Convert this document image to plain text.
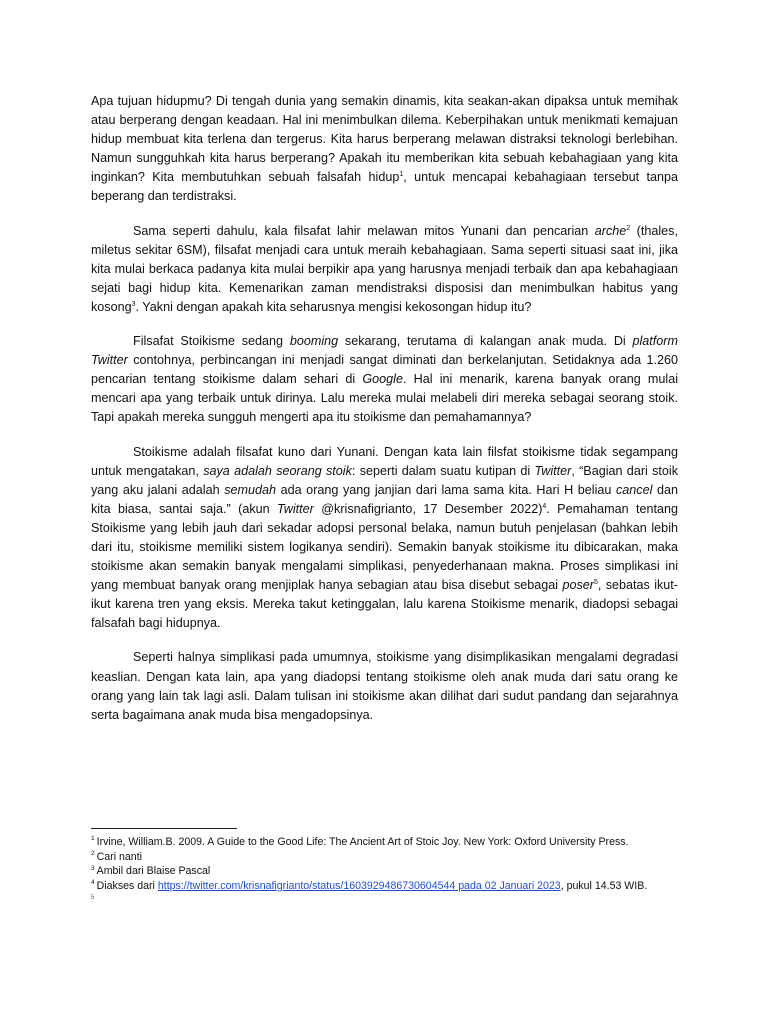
Apa tujuan hidupmu? Di tengah dunia yang semakin dinamis, kita seakan-akan dipaksa untuk memihak atau berperang dengan keadaan. Hal ini menimbulkan dilema. Keberpihakan untuk menikmati kemajuan hidup membuat kita terlena dan tergerus. Kita harus berperang melawan distraksi teknologi berlebihan. Namun sungguhkah kita harus berperang? Apakah itu memberikan kita sebuah kebahagiaan yang kita inginkan? Kita membutuhkan sebuah falsafah hidup$^1$, untuk mencapai kebahagiaan tersebut tanpa beperang dan terdistraksi.

Sama seperti dahulu, kala filsafat lahir melawan mitos Yunani dan pencarian arche$^2$ (thales, miletus sekitar 6SM), filsafat menjadi cara untuk meraih kebahagiaan. Sama seperti situasi saat ini, jika kita mulai berkaca padanya kita mulai berpikir apa yang harusnya menjadi terbaik dan apa kebahagiaan sejati bagi hidup kita. Kemenarikan zaman mendistraksi disposisi dan menimbulkan habitus yang kosong$^3$. Yakni dengan apakah kita seharusnya mengisi kekosongan hidup itu?

Filsafat Stoikisme sedang booming sekarang, terutama di kalangan anak muda. Di platform Twitter contohnya, perbincangan ini menjadi sangat diminati dan berkelanjutan. Setidaknya ada 1.260 pencarian tentang stoikisme dalam sehari di Google. Hal ini menarik, karena banyak orang mulai mencari apa yang terbaik untuk dirinya. Lalu mereka mulai melabeli diri mereka sebagai seorang stoik. Tapi apakah mereka sungguh mengerti apa itu stoikisme dan pemahamannya?

Stoikisme adalah filsafat kuno dari Yunani. Dengan kata lain filsfat stoikisme tidak segampang untuk mengatakan, saya adalah seorang stoik: seperti dalam suatu kutipan di Twitter, “Bagian dari stoik yang aku jalani adalah semudah ada orang yang janjian dari lama sama kita. Hari H beliau cancel dan kita biasa, santai saja.” (akun Twitter @krisnafigrianto, 17 Desember 2022)$^4$. Pemahaman tentang Stoikisme yang lebih jauh dari sekadar adopsi personal belaka, namun butuh penjelasan (bahkan lebih dari itu, stoikisme memiliki sistem logikanya sendiri). Semakin banyak stoikisme itu dibicarakan, maka stoikisme akan semakin banyak mengalami simplikasi, penyederhanaan makna. Proses simplikasi ini yang membuat banyak orang menjiplak hanya sebagian atau bisa disebut sebagai poser$^5$, sebatas ikut-ikut karena tren yang eksis. Mereka takut ketinggalan, lalu karena Stoikisme menarik, diadopsi sebagai falsafah bagi hidupnya.

Seperti halnya simplikasi pada umumnya, stoikisme yang disimplikasikan mengalami degradasi keaslian. Dengan kata lain, apa yang diadopsi tentang stoikisme oleh anak muda dari satu orang ke orang yang lain tak lagi asli. Dalam tulisan ini stoikisme akan dilihat dari sudut pandang dan sejarahnya serta bagaimana anak muda bisa mengadopsinya.

$^1$ Irvine, William.B. 2009. A Guide to the Good Life: The Ancient Art of Stoic Joy. New York: Oxford University Press.

$^2$ Cari nanti

$^3$ Ambil dari Blaise Pascal

$^4$ Diakses dari https://twitter.com/krisnafigrianto/status/1603929486730604544 pada 02 Januari 2023, pukul 14.53 WIB.

5
